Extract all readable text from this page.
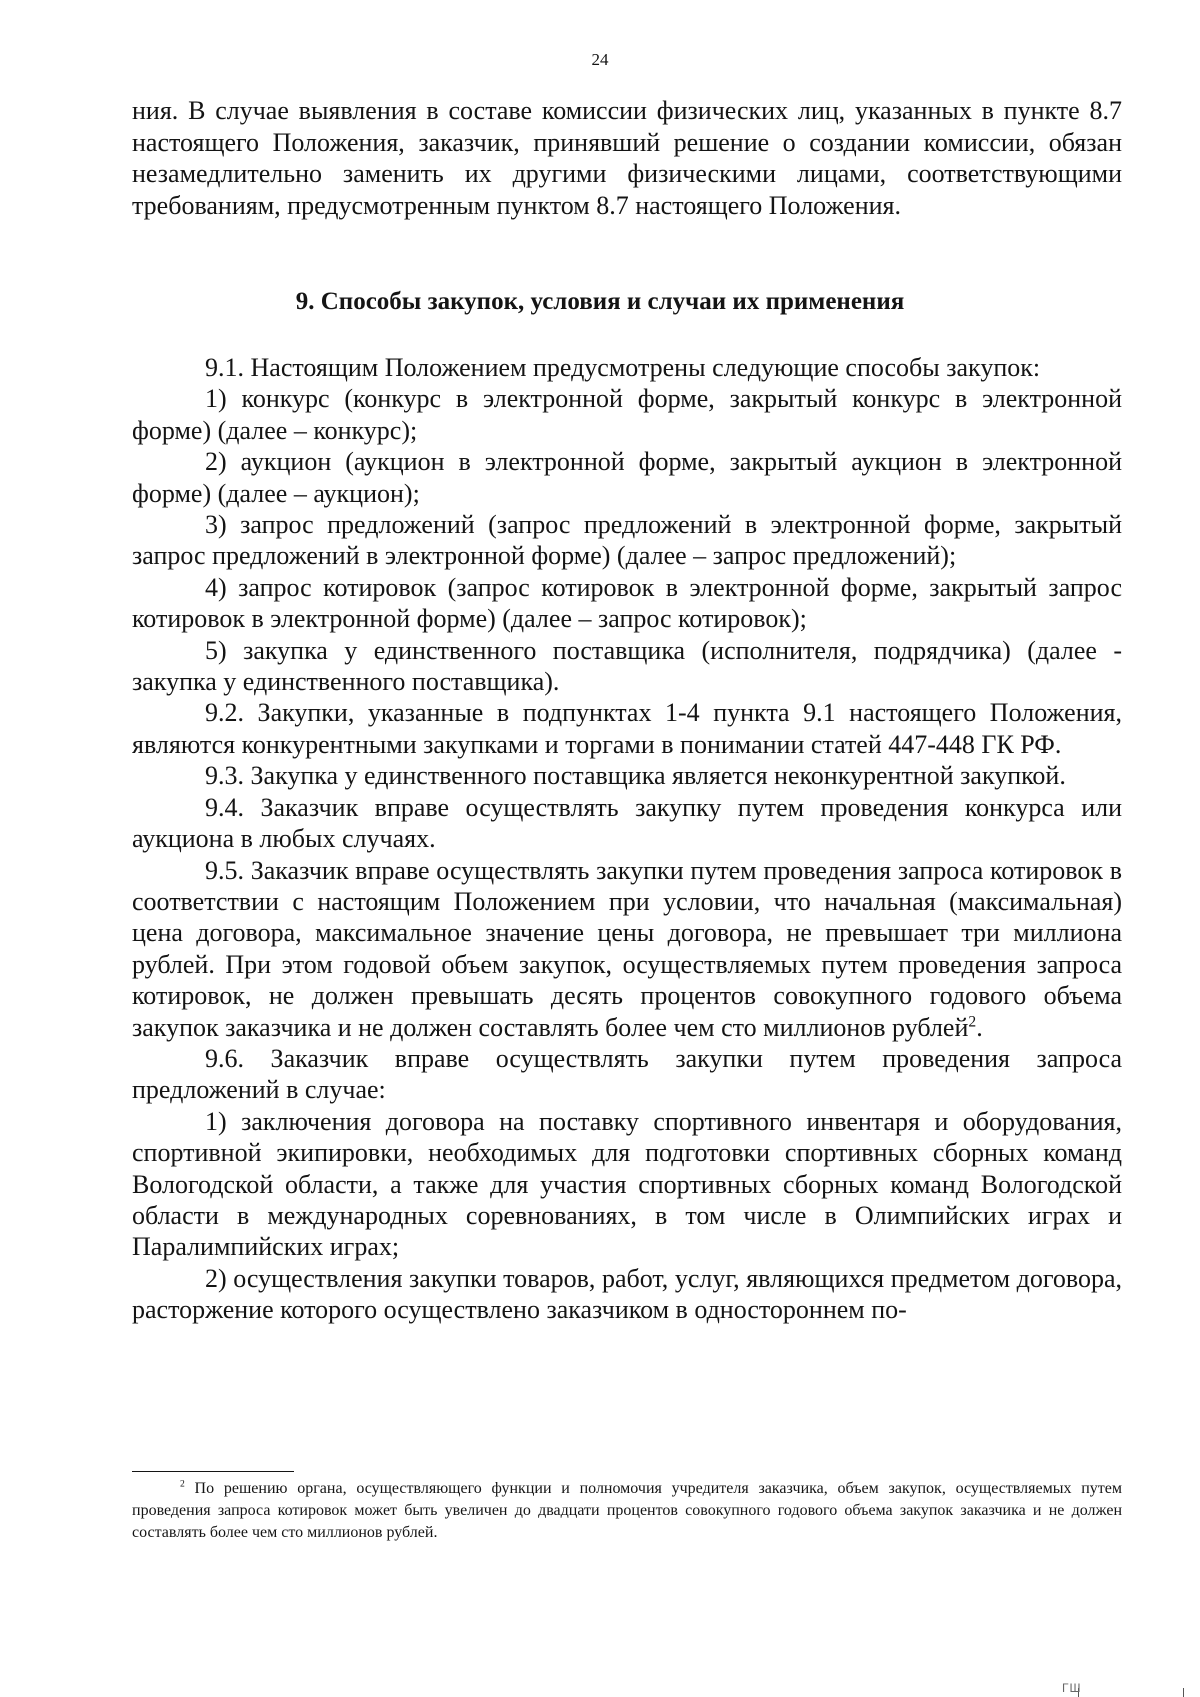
24

ния. В случае выявления в составе комиссии физических лиц, указанных в пункте 8.7 настоящего Положения, заказчик, принявший решение о создании комиссии, обязан незамедлительно заменить их другими физическими лицами, соответствующими требованиям, предусмотренным пунктом 8.7 настоящего Положения.

9. Способы закупок, условия и случаи их применения

9.1. Настоящим Положением предусмотрены следующие способы закупок:

1) конкурс (конкурс в электронной форме, закрытый конкурс в электронной форме) (далее – конкурс);

2) аукцион (аукцион в электронной форме, закрытый аукцион в электронной форме) (далее – аукцион);

3) запрос предложений (запрос предложений в электронной форме, закрытый запрос предложений в электронной форме) (далее – запрос предложений);

4) запрос котировок (запрос котировок в электронной форме, закрытый запрос котировок в электронной форме) (далее – запрос котировок);

5) закупка у единственного поставщика (исполнителя, подрядчика) (далее - закупка у единственного поставщика).

9.2. Закупки, указанные в подпунктах 1-4 пункта 9.1 настоящего Положения, являются конкурентными закупками и торгами в понимании статей 447-448 ГК РФ.

9.3. Закупка у единственного поставщика является неконкурентной закупкой.

9.4. Заказчик вправе осуществлять закупку путем проведения конкурса или аукциона в любых случаях.

9.5. Заказчик вправе осуществлять закупки путем проведения запроса котировок в соответствии с настоящим Положением при условии, что начальная (максимальная) цена договора, максимальное значение цены договора, не превышает три миллиона рублей. При этом годовой объем закупок, осуществляемых путем проведения запроса котировок, не должен превышать десять процентов совокупного годового объема закупок заказчика и не должен составлять более чем сто миллионов рублей$^2$.

9.6. Заказчик вправе осуществлять закупки путем проведения запроса предложений в случае:

1) заключения договора на поставку спортивного инвентаря и оборудования, спортивной экипировки, необходимых для подготовки спортивных сборных команд Вологодской области, а также для участия спортивных сборных команд Вологодской области в международных соревнованиях, в том числе в Олимпийских играх и Паралимпийских играх;

2) осуществления закупки товаров, работ, услуг, являющихся предметом договора, расторжение которого осуществлено заказчиком в одностороннем по-

$^2$ По решению органа, осуществляющего функции и полномочия учредителя заказчика, объем закупок, осуществляемых путем проведения запроса котировок может быть увеличен до двадцати процентов совокупного годового объема закупок заказчика и не должен составлять более чем сто миллионов рублей.

ГШ
